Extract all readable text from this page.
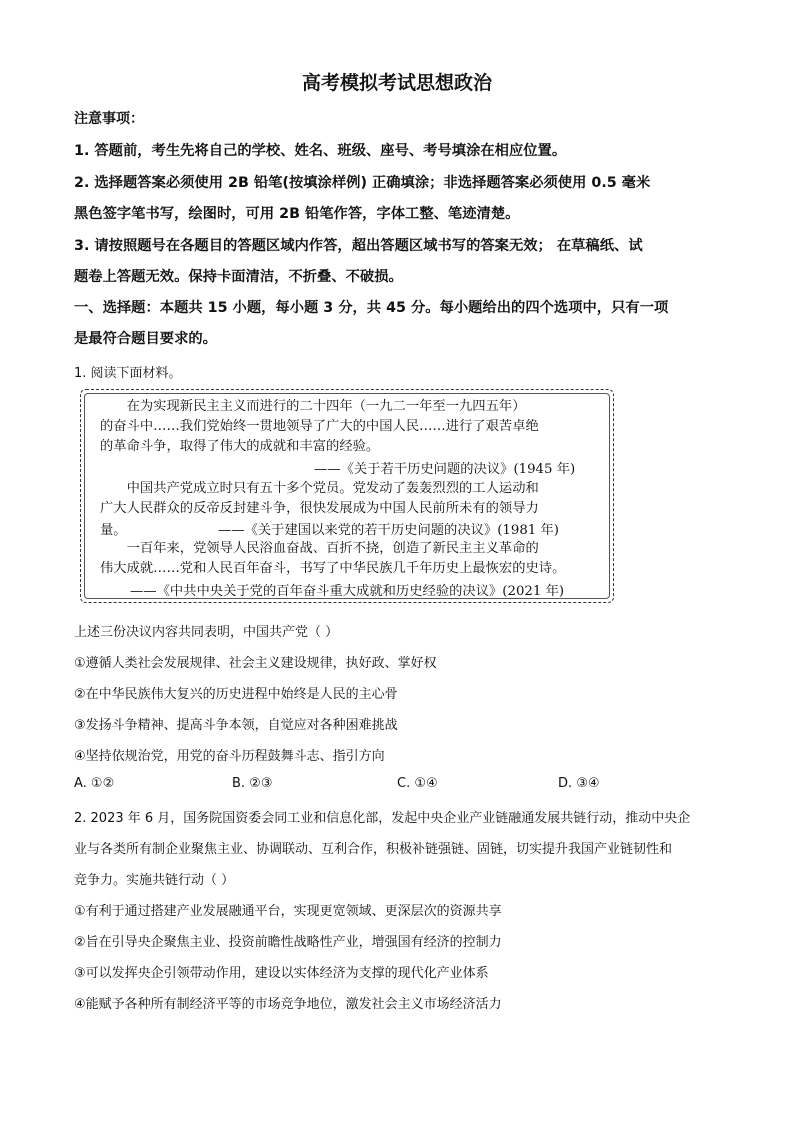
高考模拟考试思想政治
注意事项：
1. 答题前，考生先将自己的学校、姓名、班级、座号、考号填涂在相应位置。
2. 选择题答案必须使用 2B 铅笔(按填涂样例) 正确填涂；非选择题答案必须使用 0.5 毫米
黑色签字笔书写，绘图时，可用 2B 铅笔作答，字体工整、笔迹清楚。
3. 请按照题号在各题目的答题区域内作答，超出答题区域书写的答案无效； 在草稿纸、试
题卷上答题无效。保持卡面清洁，不折叠、不破损。
一、选择题：本题共 15 小题，每小题 3 分，共 45 分。每小题给出的四个选项中，只有一项
是最符合题目要求的。
1. 阅读下面材料。
　　在为实现新民主主义而进行的二十四年（一九二一年至一九四五年）
的奋斗中……我们党始终一贯地领导了广大的中国人民……进行了艰苦卓绝
的革命斗争，取得了伟大的成就和丰富的经验。
——《关于若干历史问题的决议》(1945 年)
　　中国共产党成立时只有五十多个党员。党发动了轰轰烈烈的工人运动和
广大人民群众的反帝反封建斗争，很快发展成为中国人民前所未有的领导力
量。	——《关于建国以来党的若干历史问题的决议》(1981 年)
　　一百年来，党领导人民浴血奋战、百折不挠，创造了新民主主义革命的
伟大成就……党和人民百年奋斗，书写了中华民族几千年历史上最恢宏的史诗。
——《中共中央关于党的百年奋斗重大成就和历史经验的决议》(2021 年)
上述三份决议内容共同表明，中国共产党（ ）
①遵循人类社会发展规律、社会主义建设规律，执好政、掌好权
②在中华民族伟大复兴的历史进程中始终是人民的主心骨
③发扬斗争精神、提高斗争本领，自觉应对各种困难挑战
④坚持依规治党，用党的奋斗历程鼓舞斗志、指引方向
A. ①②	B. ②③	C. ①④	D. ③④
2. 2023 年 6 月，国务院国资委会同工业和信息化部，发起中央企业产业链融通发展共链行动，推动中央企
业与各类所有制企业聚焦主业、协调联动、互利合作，积极补链强链、固链，切实提升我国产业链韧性和
竞争力。实施共链行动（ ）
①有利于通过搭建产业发展融通平台，实现更宽领域、更深层次的资源共享
②旨在引导央企聚焦主业、投资前瞻性战略性产业，增强国有经济的控制力
③可以发挥央企引领带动作用，建设以实体经济为支撑的现代化产业体系
④能赋予各种所有制经济平等的市场竞争地位，激发社会主义市场经济活力
